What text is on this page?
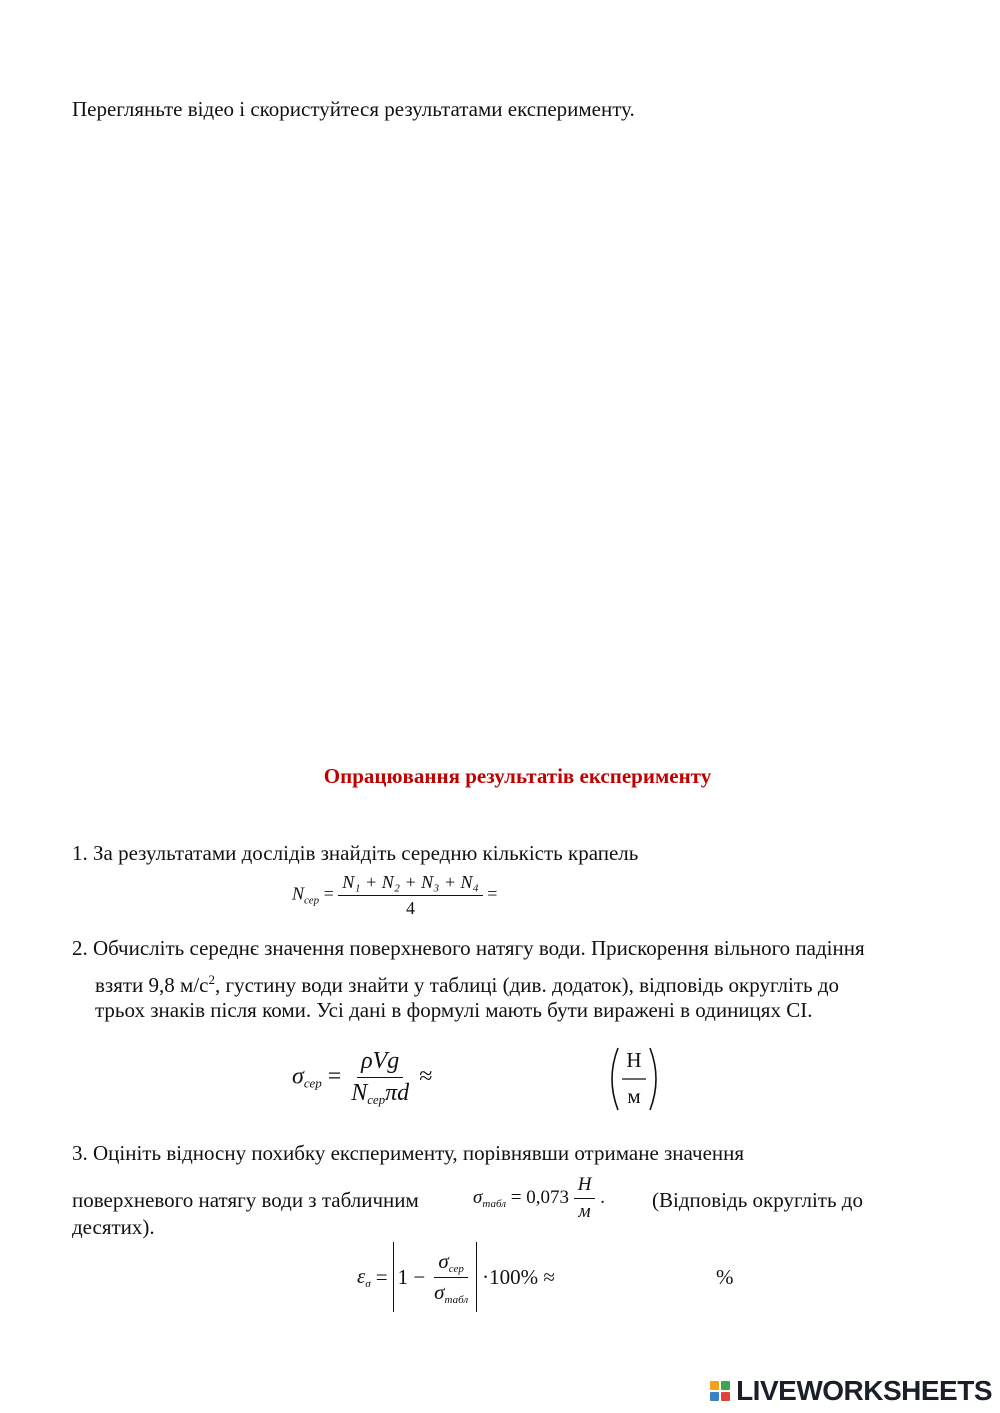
Перегляньте відео і скористуйтеся результатами експерименту.
Опрацювання результатів експерименту
1. За результатами дослідів знайдіть середню кількість крапель
$N_{сер} = \frac{\text{N₁ + N₂ + N₃ + N₄}}{4}$ =
2. Обчисліть середнє значення поверхневого натягу води. Прискорення вільного падіння
взяти 9,8 $м/с^2$, густину води знайти у таблиці (див. додаток), відповідь округліть до
трьох знаків після коми. Усі дані в формулі мають бути виражені в одиницях СІ.
$\sigma_{сер} = \frac{\text{ρVg}}{N_{сер}\pi d}$ ≈
Н
м
3. Оцініть відносну похибку експерименту, порівнявши отримане значення
поверхневого натягу води з табличним	$\sigma_{табл} = 0,073 \frac{Н}{м}$ . (Відповідь округліть до
десятих).
$\varepsilon_\sigma = 1 - \frac{\sigma_{сер}}{\sigma_{табл}} \cdot 100\%$ ≈	%
LIVEWORKSHEETS
